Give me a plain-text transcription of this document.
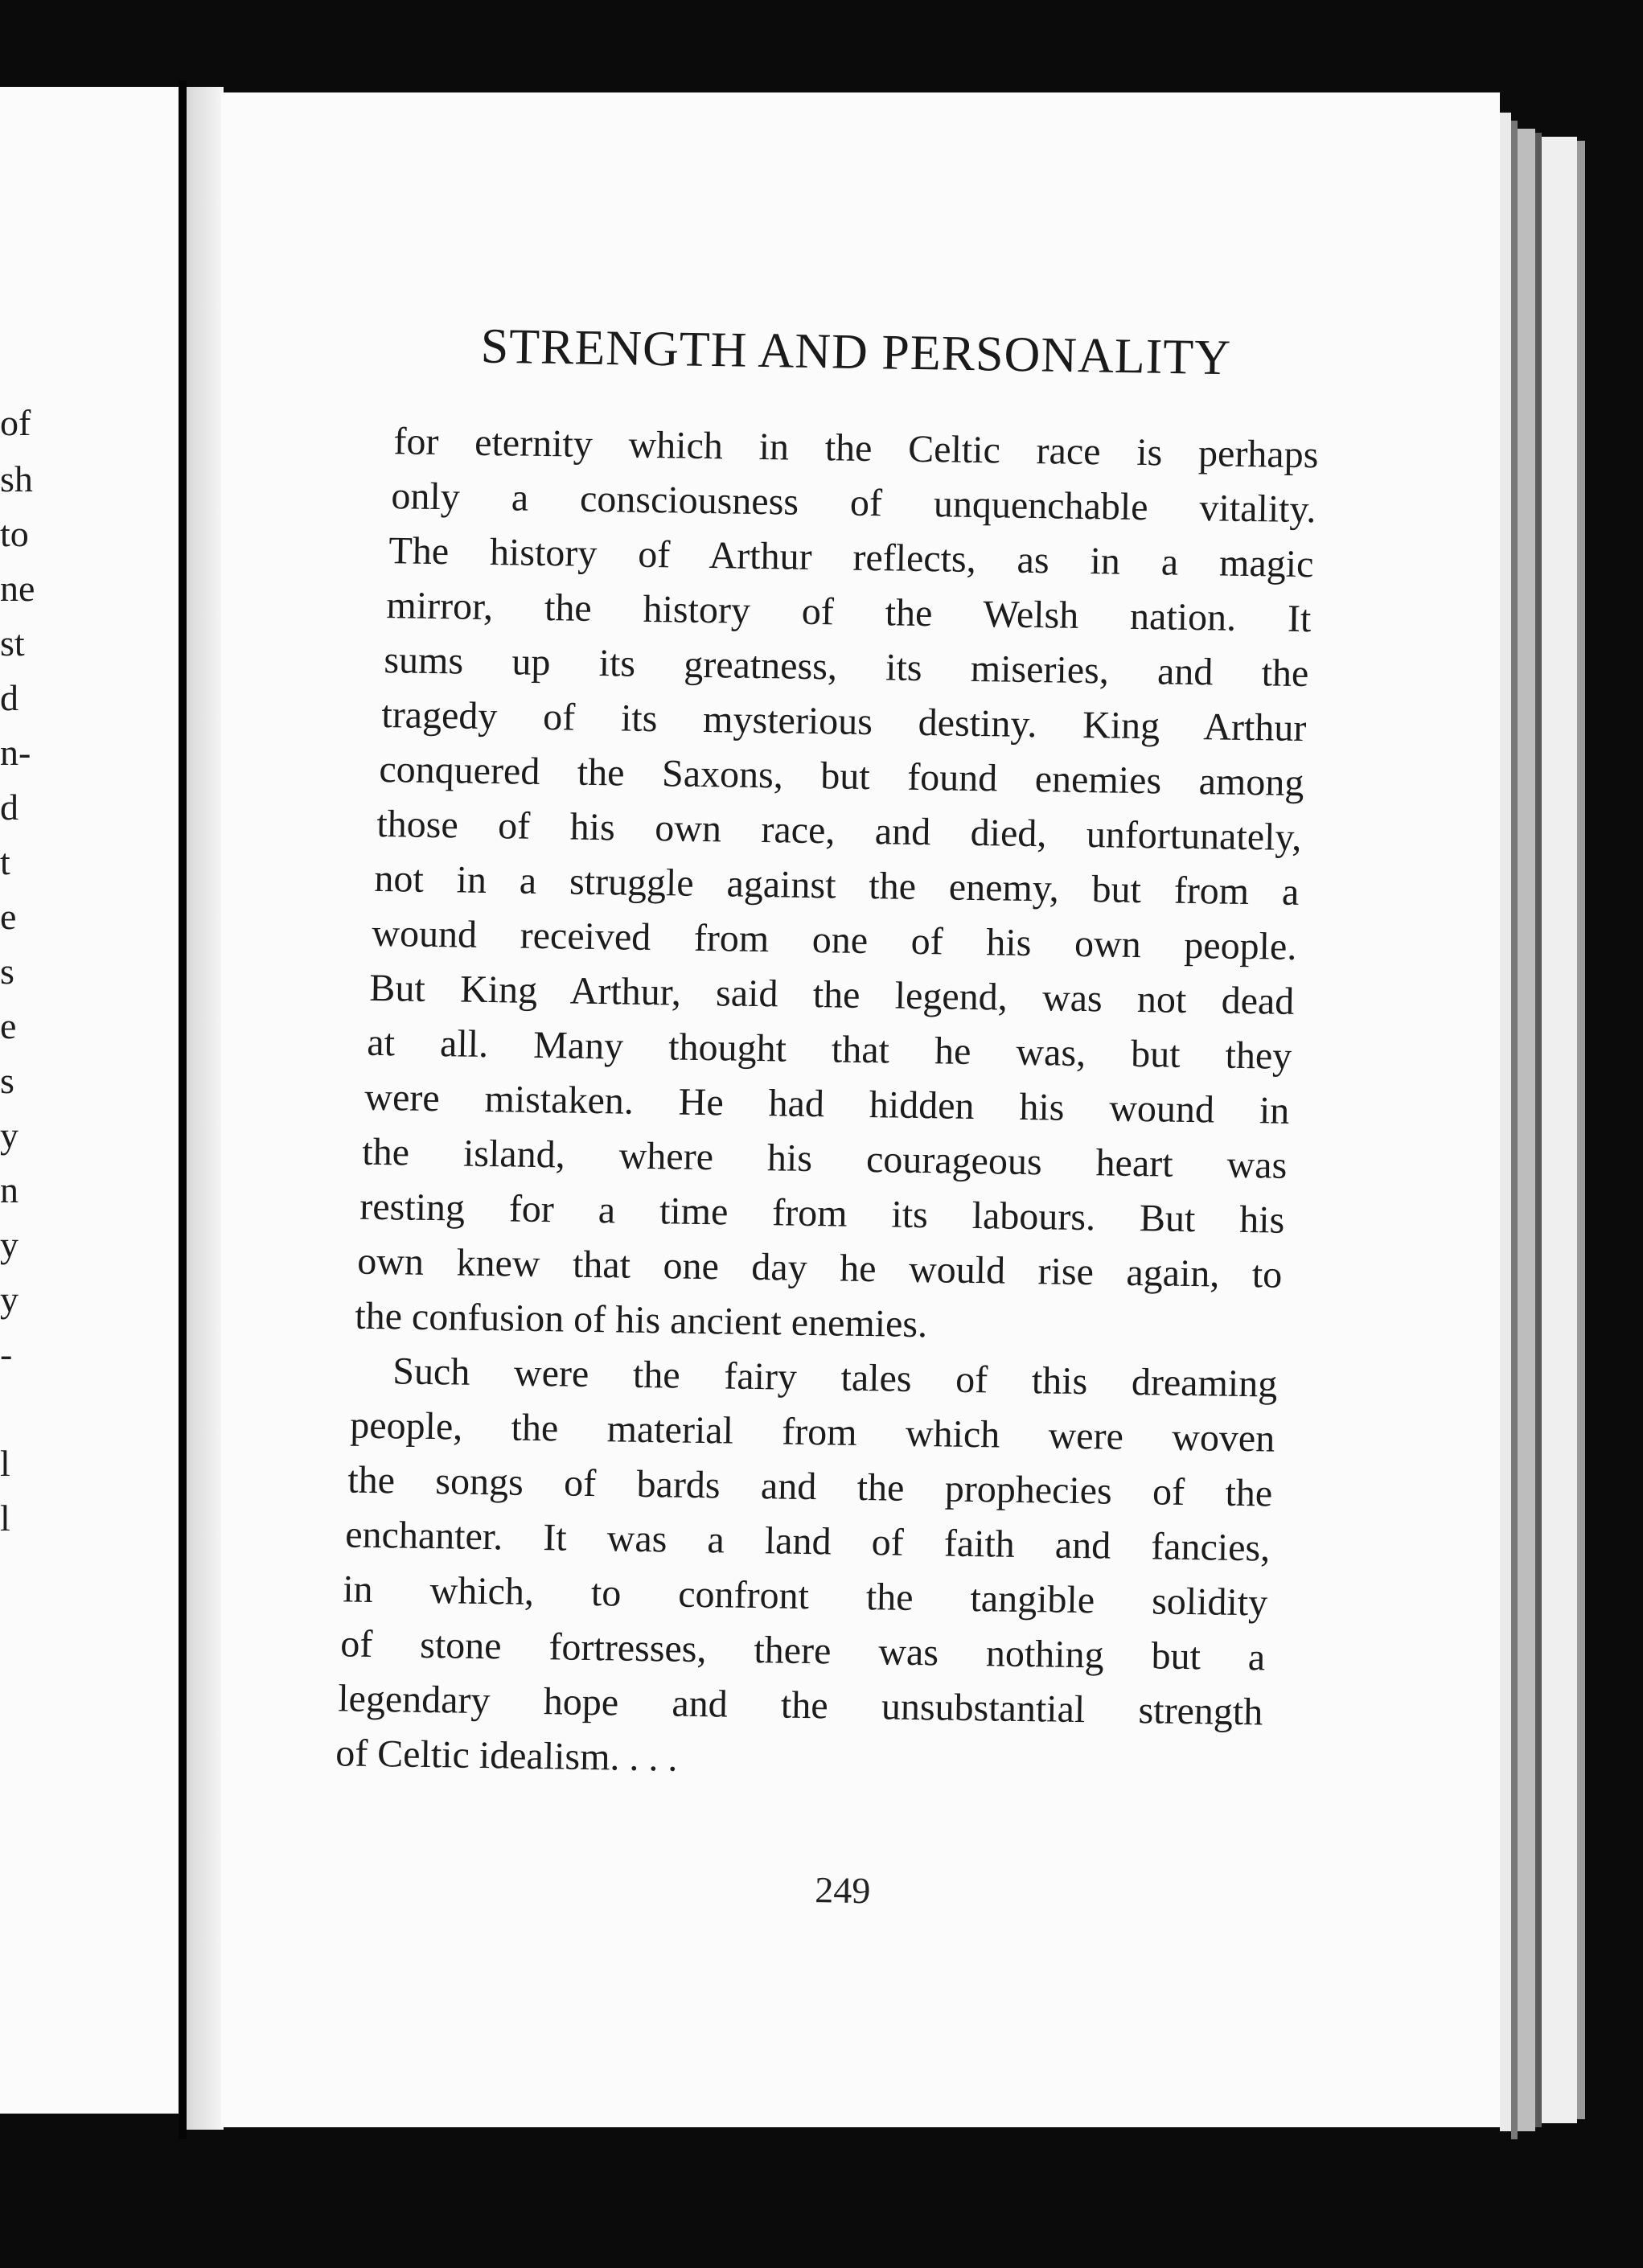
of
sh
to
ne
st
d
n-
d
t
e
s
e
s
y
n
y
y
-
l
l
STRENGTH AND PERSONALITY
for eternity which in the Celtic race is perhaps
only a consciousness of unquenchable vitality.
The history of Arthur reflects, as in a magic
mirror, the history of the Welsh nation. It
sums up its greatness, its miseries, and the
tragedy of its mysterious destiny. King Arthur
conquered the Saxons, but found enemies among
those of his own race, and died, unfortunately,
not in a struggle against the enemy, but from a
wound received from one of his own people.
But King Arthur, said the legend, was not dead
at all. Many thought that he was, but they
were mistaken. He had hidden his wound in
the island, where his courageous heart was
resting for a time from its labours. But his
own knew that one day he would rise again, to
the confusion of his ancient enemies.
Such were the fairy tales of this dreaming
people, the material from which were woven
the songs of bards and the prophecies of the
enchanter. It was a land of faith and fancies,
in which, to confront the tangible solidity
of stone fortresses, there was nothing but a
legendary hope and the unsubstantial strength
of Celtic idealism. . . .
249
